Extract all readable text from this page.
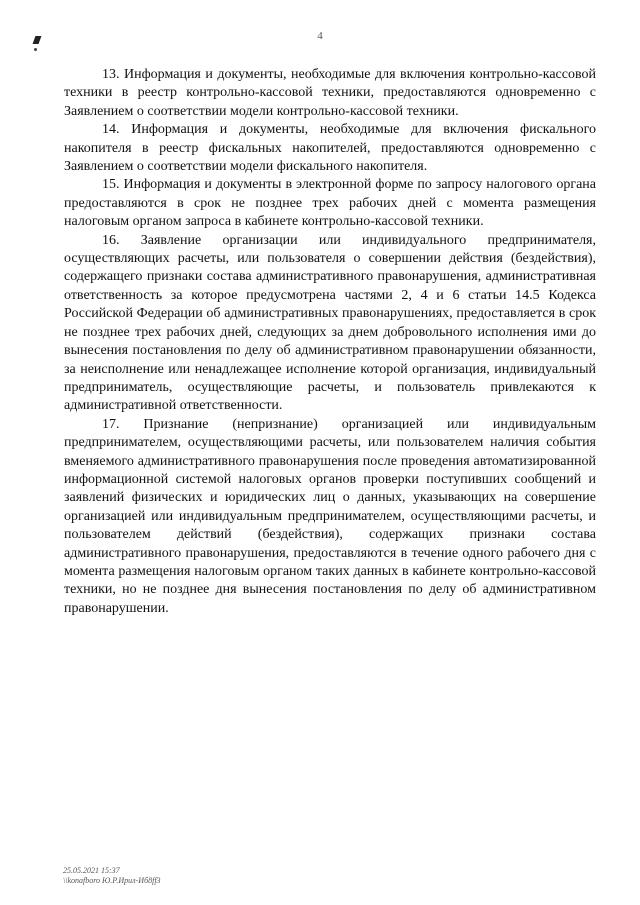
4

13. Информация и документы, необходимые для включения контрольно-кассовой техники в реестр контрольно-кассовой техники, предоставляются одновременно с Заявлением о соответствии модели контрольно-кассовой техники.

14. Информация и документы, необходимые для включения фискального накопителя в реестр фискальных накопителей, предоставляются одновременно с Заявлением о соответствии модели фискального накопителя.

15. Информация и документы в электронной форме по запросу налогового органа предоставляются в срок не позднее трех рабочих дней с момента размещения налоговым органом запроса в кабинете контрольно-кассовой техники.

16. Заявление организации или индивидуального предпринимателя, осуществляющих расчеты, или пользователя о совершении действия (бездействия), содержащего признаки состава административного правонарушения, административная ответственность за которое предусмотрена частями 2, 4 и 6 статьи 14.5 Кодекса Российской Федерации об административных правонарушениях, предоставляется в срок не позднее трех рабочих дней, следующих за днем добровольного исполнения ими до вынесения постановления по делу об административном правонарушении обязанности, за неисполнение или ненадлежащее исполнение которой организация, индивидуальный предприниматель, осуществляющие расчеты, и пользователь привлекаются к административной ответственности.

17. Признание (непризнание) организацией или индивидуальным предпринимателем, осуществляющими расчеты, или пользователем наличия события вменяемого административного правонарушения после проведения автоматизированной информационной системой налоговых органов проверки поступивших сообщений и заявлений физических и юридических лиц о данных, указывающих на совершение организацией или индивидуальным предпринимателем, осуществляющими расчеты, и пользователем действий (бездействия), содержащих признаки состава административного правонарушения, предоставляются в течение одного рабочего дня с момента размещения налоговым органом таких данных в кабинете контрольно-кассовой техники, но не позднее дня вынесения постановления по делу об административном правонарушении.

25.05.2021 15:37
\\konafboro Ю.Р.Ирил-Иб8ff3
